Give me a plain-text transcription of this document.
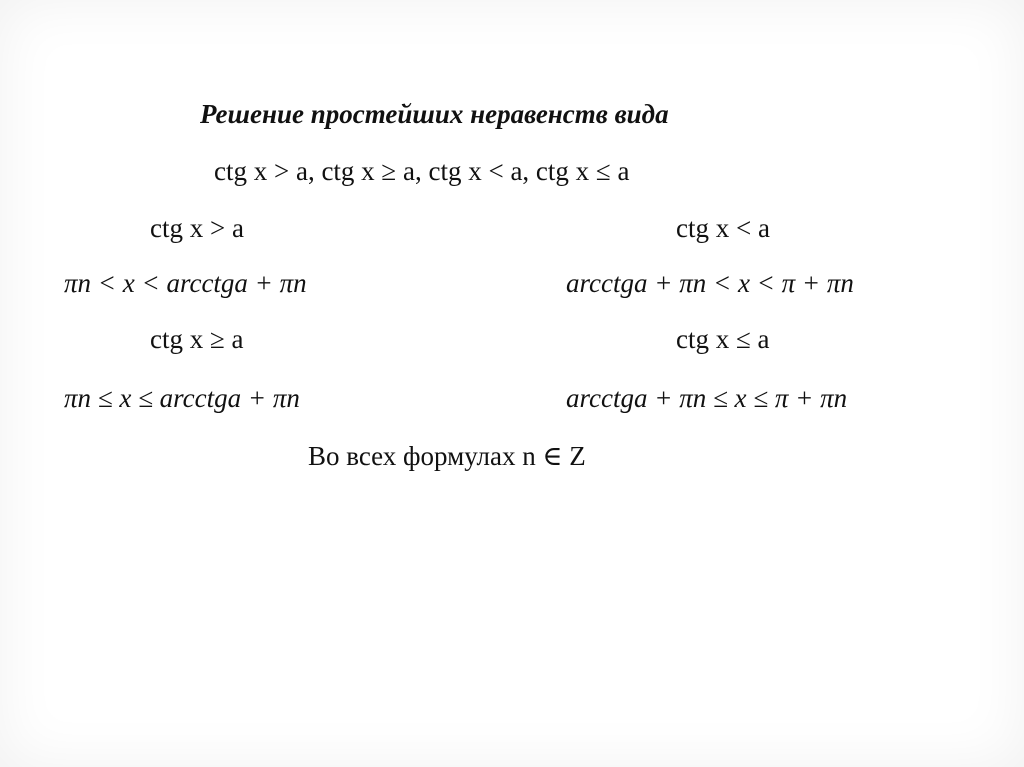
Решение простейших неравенств вида
ctg x > a, ctg x ≥ a, ctg x < a, ctg x ≤ a
ctg x > a
πn < x < arcctga + πn
ctg x ≥ a
πn ≤ x ≤ arcctga + πn
ctg x < a
arcctga + πn < x < π + πn
ctg x ≤ a
arcctga + πn ≤ x ≤ π + πn
Во всех формулах n ∈ Z
